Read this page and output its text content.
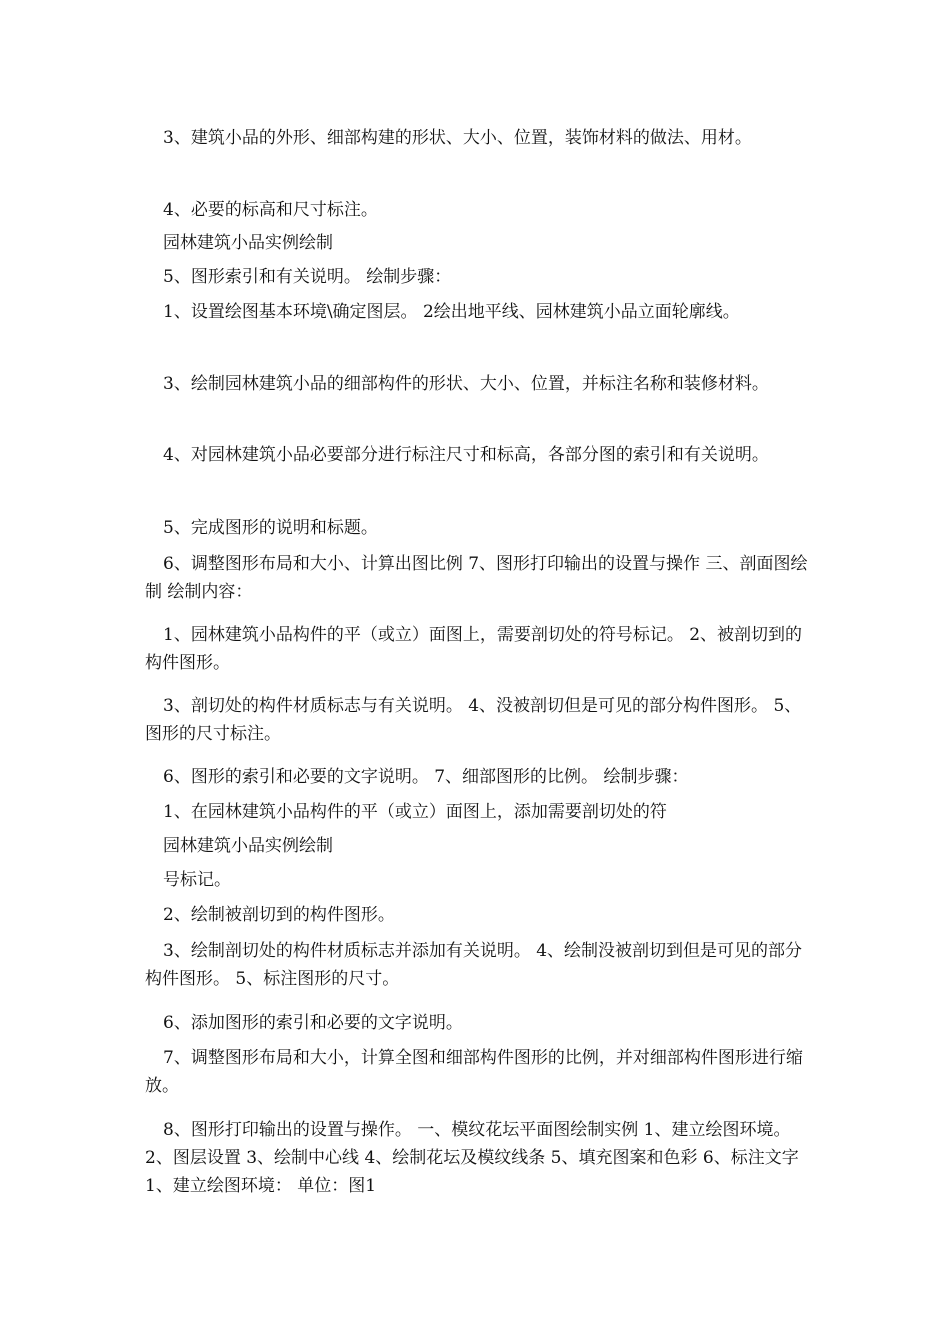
3、建筑小品的外形、细部构建的形状、大小、位置，装饰材料的做法、用材。

4、必要的标高和尺寸标注。

园林建筑小品实例绘制

5、图形索引和有关说明。 绘制步骤：

1、设置绘图基本环境\确定图层。 2绘出地平线、园林建筑小品立面轮廓线。

3、绘制园林建筑小品的细部构件的形状、大小、位置，并标注名称和装修材料。

4、对园林建筑小品必要部分进行标注尺寸和标高，各部分图的索引和有关说明。

5、完成图形的说明和标题。

6、调整图形布局和大小、计算出图比例 7、图形打印输出的设置与操作 三、剖面图绘制 绘制内容：

1、园林建筑小品构件的平（或立）面图上，需要剖切处的符号标记。 2、被剖切到的构件图形。

3、剖切处的构件材质标志与有关说明。 4、没被剖切但是可见的部分构件图形。 5、图形的尺寸标注。

6、图形的索引和必要的文字说明。 7、细部图形的比例。 绘制步骤：

1、在园林建筑小品构件的平（或立）面图上，添加需要剖切处的符

园林建筑小品实例绘制

号标记。

2、绘制被剖切到的构件图形。

3、绘制剖切处的构件材质标志并添加有关说明。 4、绘制没被剖切到但是可见的部分构件图形。 5、标注图形的尺寸。

6、添加图形的索引和必要的文字说明。

7、调整图形布局和大小，计算全图和细部构件图形的比例，并对细部构件图形进行缩放。

8、图形打印输出的设置与操作。 一、模纹花坛平面图绘制实例 1、建立绘图环境。 2、图层设置 3、绘制中心线 4、绘制花坛及模纹线条 5、填充图案和色彩 6、标注文字 1、建立绘图环境： 单位：图1
